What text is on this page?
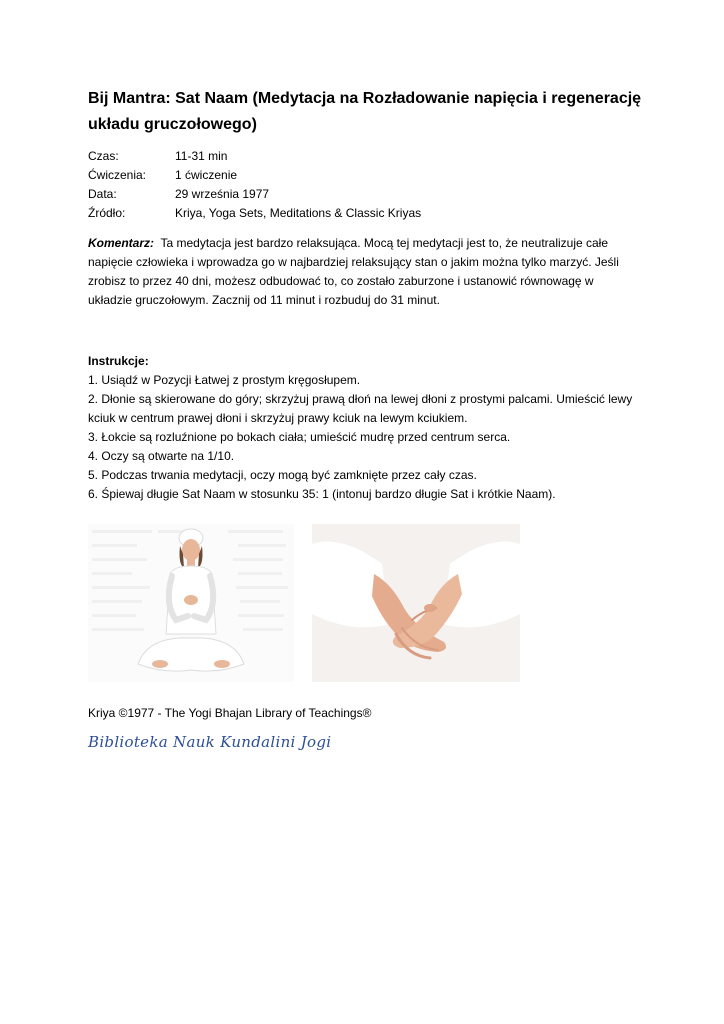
Bij Mantra: Sat Naam (Medytacja na Rozładowanie napięcia i regenerację układu gruczołowego)
Czas:	11-31 min
Ćwiczenia:	1 ćwiczenie
Data:	29 września 1977
Źródło:	Kriya, Yoga Sets, Meditations & Classic Kriyas

Komentarz: Ta medytacja jest bardzo relaksująca. Mocą tej medytacji jest to, że neutralizuje całe napięcie człowieka i wprowadza go w najbardziej relaksujący stan o jakim można tylko marzyć. Jeśli zrobisz to przez 40 dni, możesz odbudować to, co zostało zaburzone i ustanowić równowagę w układzie gruczołowym. Zacznij od 11 minut i rozbuduj do 31 minut.

Instrukcje:
1. Usiądź w Pozycji Łatwej z prostym kręgosłupem.
2. Dłonie są skierowane do góry; skrzyżuj prawą dłoń na lewej dłoni z prostymi palcami. Umieścić lewy kciuk w centrum prawej dłoni i skrzyżuj prawy kciuk na lewym kciukiem.
3. Łokcie są rozluźnione po bokach ciała; umieścić mudrę przed centrum serca.
4. Oczy są otwarte na 1/10.
5. Podczas trwania medytacji, oczy mogą być zamknięte przez cały czas.
6. Śpiewaj długie Sat Naam w stosunku 35: 1 (intonuj bardzo długie Sat i krótkie Naam).
Kriya ©1977 - The Yogi Bhajan Library of Teachings®
Biblioteka Nauk Kundalini Jogi
